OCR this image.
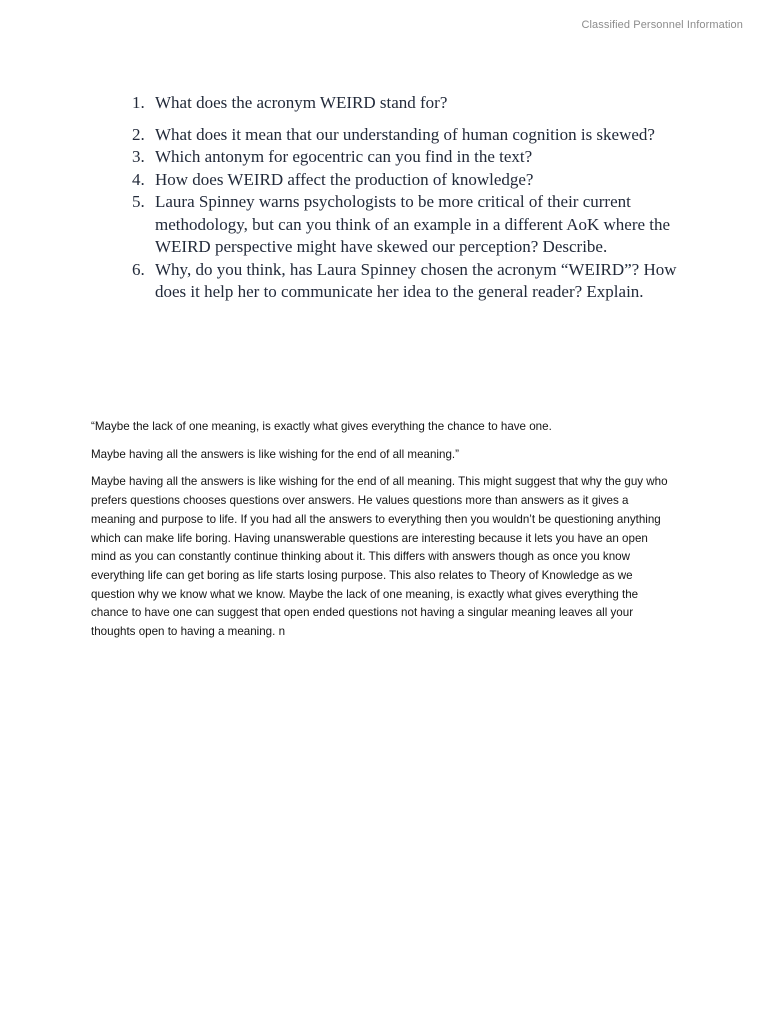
Classified Personnel Information
1. What does the acronym WEIRD stand for?
2. What does it mean that our understanding of human cognition is skewed?
3. Which antonym for egocentric can you find in the text?
4. How does WEIRD affect the production of knowledge?
5. Laura Spinney warns psychologists to be more critical of their current methodology, but can you think of an example in a different AoK where the WEIRD perspective might have skewed our perception? Describe.
6. Why, do you think, has Laura Spinney chosen the acronym “WEIRD”? How does it help her to communicate her idea to the general reader? Explain.

“Maybe the lack of one meaning, is exactly what gives everything the chance to have one.

Maybe having all the answers is like wishing for the end of all meaning.”

Maybe having all the answers is like wishing for the end of all meaning. This might suggest that why the guy who prefers questions chooses questions over answers. He values questions more than answers as it gives a meaning and purpose to life. If you had all the answers to everything then you wouldn’t be questioning anything which can make life boring. Having unanswerable questions are interesting because it lets you have an open mind as you can constantly continue thinking about it. This differs with answers though as once you know everything life can get boring as life starts losing purpose. This also relates to Theory of Knowledge as we question why we know what we know. Maybe the lack of one meaning, is exactly what gives everything the chance to have one can suggest that open ended questions not having a singular meaning leaves all your thoughts open to having a meaning. n
